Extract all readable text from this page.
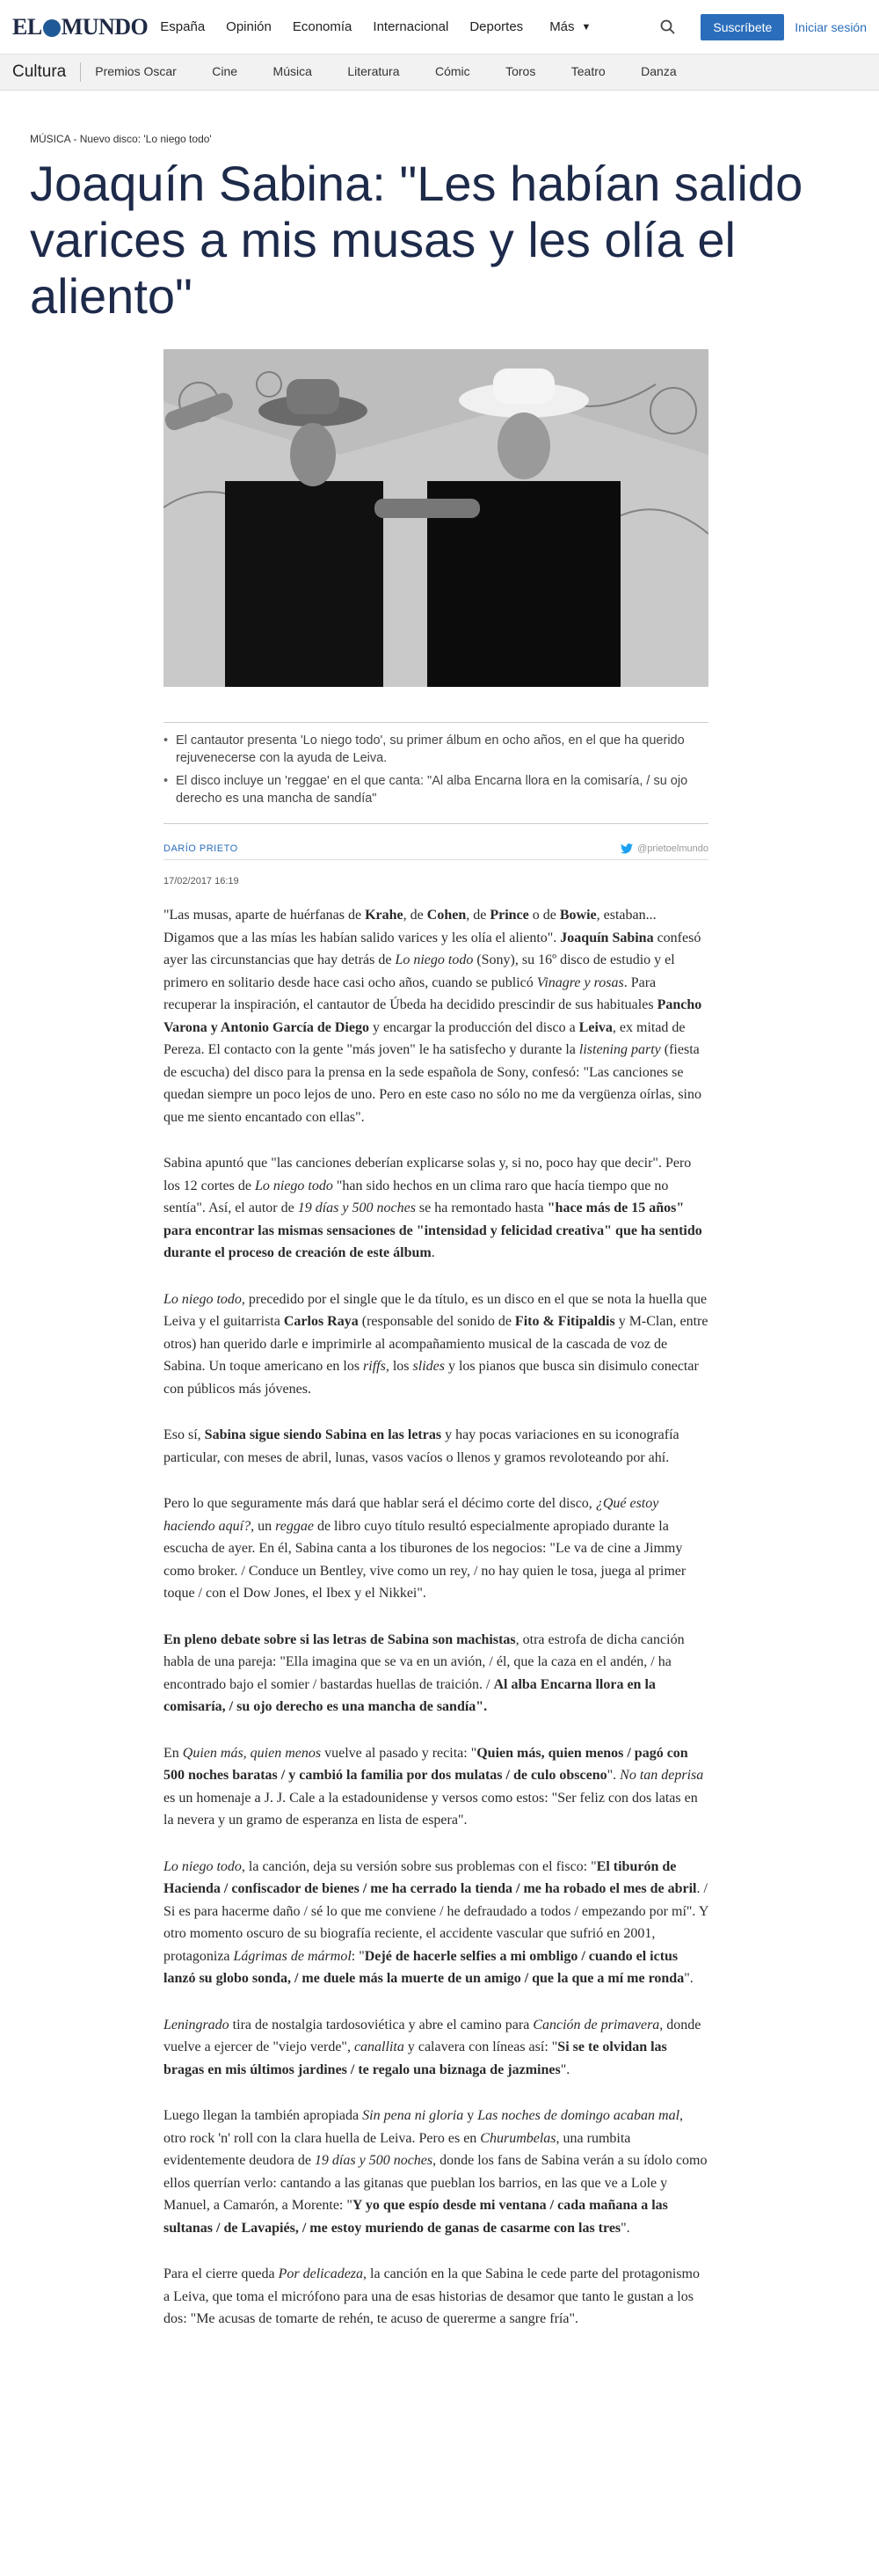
EL MUNDO España Opinión Economía Internacional Deportes Más ▼	Suscríbete	Iniciar sesión
Cultura	Premios Oscar	Cine	Música	Literatura	Cómic	Toros	Teatro	Danza
MÚSICA - Nuevo disco: 'Lo niego todo'
Joaquín Sabina: "Les habían salido varices a mis musas y les olía el aliento"
• El cantautor presenta 'Lo niego todo', su primer álbum en ocho años, en el que ha querido rejuvenecerse con la ayuda de Leiva.
• El disco incluye un 'reggae' en el que canta: "Al alba Encarna llora en la comisaría, / su ojo derecho es una mancha de sandía"
DARÍO PRIETO	@prietoelmundo
17/02/2017 16:19

"Las musas, aparte de huérfanas de Krahe, de Cohen, de Prince o de Bowie, estaban... Digamos que a las mías les habían salido varices y les olía el aliento". Joaquín Sabina confesó ayer las circunstancias que hay detrás de Lo niego todo (Sony), su 16º disco de estudio y el primero en solitario desde hace casi ocho años, cuando se publicó Vinagre y rosas. Para recuperar la inspiración, el cantautor de Úbeda ha decidido prescindir de sus habituales Pancho Varona y Antonio García de Diego y encargar la producción del disco a Leiva, ex mitad de Pereza. El contacto con la gente "más joven" le ha satisfecho y durante la listening party (fiesta de escucha) del disco para la prensa en la sede española de Sony, confesó: "Las canciones se quedan siempre un poco lejos de uno. Pero en este caso no sólo no me da vergüenza oírlas, sino que me siento encantado con ellas".

Sabina apuntó que "las canciones deberían explicarse solas y, si no, poco hay que decir". Pero los 12 cortes de Lo niego todo "han sido hechos en un clima raro que hacía tiempo que no sentía". Así, el autor de 19 días y 500 noches se ha remontado hasta "hace más de 15 años" para encontrar las mismas sensaciones de "intensidad y felicidad creativa" que ha sentido durante el proceso de creación de este álbum.

Lo niego todo, precedido por el single que le da título, es un disco en el que se nota la huella que Leiva y el guitarrista Carlos Raya (responsable del sonido de Fito & Fitipaldis y M-Clan, entre otros) han querido darle e imprimirle al acompañamiento musical de la cascada de voz de Sabina. Un toque americano en los riffs, los slides y los pianos que busca sin disimulo conectar con públicos más jóvenes.

Eso sí, Sabina sigue siendo Sabina en las letras y hay pocas variaciones en su iconografía particular, con meses de abril, lunas, vasos vacíos o llenos y gramos revoloteando por ahí.

Pero lo que seguramente más dará que hablar será el décimo corte del disco, ¿Qué estoy haciendo aquí?, un reggae de libro cuyo título resultó especialmente apropiado durante la escucha de ayer. En él, Sabina canta a los tiburones de los negocios: "Le va de cine a Jimmy como broker. / Conduce un Bentley, vive como un rey, / no hay quien le tosa, juega al primer toque / con el Dow Jones, el Ibex y el Nikkei".

En pleno debate sobre si las letras de Sabina son machistas, otra estrofa de dicha canción habla de una pareja: "Ella imagina que se va en un avión, / él, que la caza en el andén, / ha encontrado bajo el somier / bastardas huellas de traición. / Al alba Encarna llora en la comisaría, / su ojo derecho es una mancha de sandía".

En Quien más, quien menos vuelve al pasado y recita: "Quien más, quien menos / pagó con 500 noches baratas / y cambió la familia por dos mulatas / de culo obsceno". No tan deprisa es un homenaje a J. J. Cale a la estadounidense y versos como estos: "Ser feliz con dos latas en la nevera y un gramo de esperanza en lista de espera".

Lo niego todo, la canción, deja su versión sobre sus problemas con el fisco: "El tiburón de Hacienda / confiscador de bienes / me ha cerrado la tienda / me ha robado el mes de abril. / Si es para hacerme daño / sé lo que me conviene / he defraudado a todos / empezando por mí". Y otro momento oscuro de su biografía reciente, el accidente vascular que sufrió en 2001, protagoniza Lágrimas de mármol: "Dejé de hacerle selfies a mi ombligo / cuando el ictus lanzó su globo sonda, / me duele más la muerte de un amigo / que la que a mí me ronda".

Leningrado tira de nostalgia tardosoviética y abre el camino para Canción de primavera, donde vuelve a ejercer de "viejo verde", canallita y calavera con líneas así: "Si se te olvidan las bragas en mis últimos jardines / te regalo una biznaga de jazmines".

Luego llegan la también apropiada Sin pena ni gloria y Las noches de domingo acaban mal, otro rock 'n' roll con la clara huella de Leiva. Pero es en Churumbelas, una rumbita evidentemente deudora de 19 días y 500 noches, donde los fans de Sabina verán a su ídolo como ellos querrían verlo: cantando a las gitanas que pueblan los barrios, en las que ve a Lole y Manuel, a Camarón, a Morente: "Y yo que espío desde mi ventana / cada mañana a las sultanas / de Lavapiés, / me estoy muriendo de ganas de casarme con las tres".

Para el cierre queda Por delicadeza, la canción en la que Sabina le cede parte del protagonismo a Leiva, que toma el micrófono para una de esas historias de desamor que tanto le gustan a los dos: "Me acusas de tomarte de rehén, te acuso de quererme a sangre fría".
